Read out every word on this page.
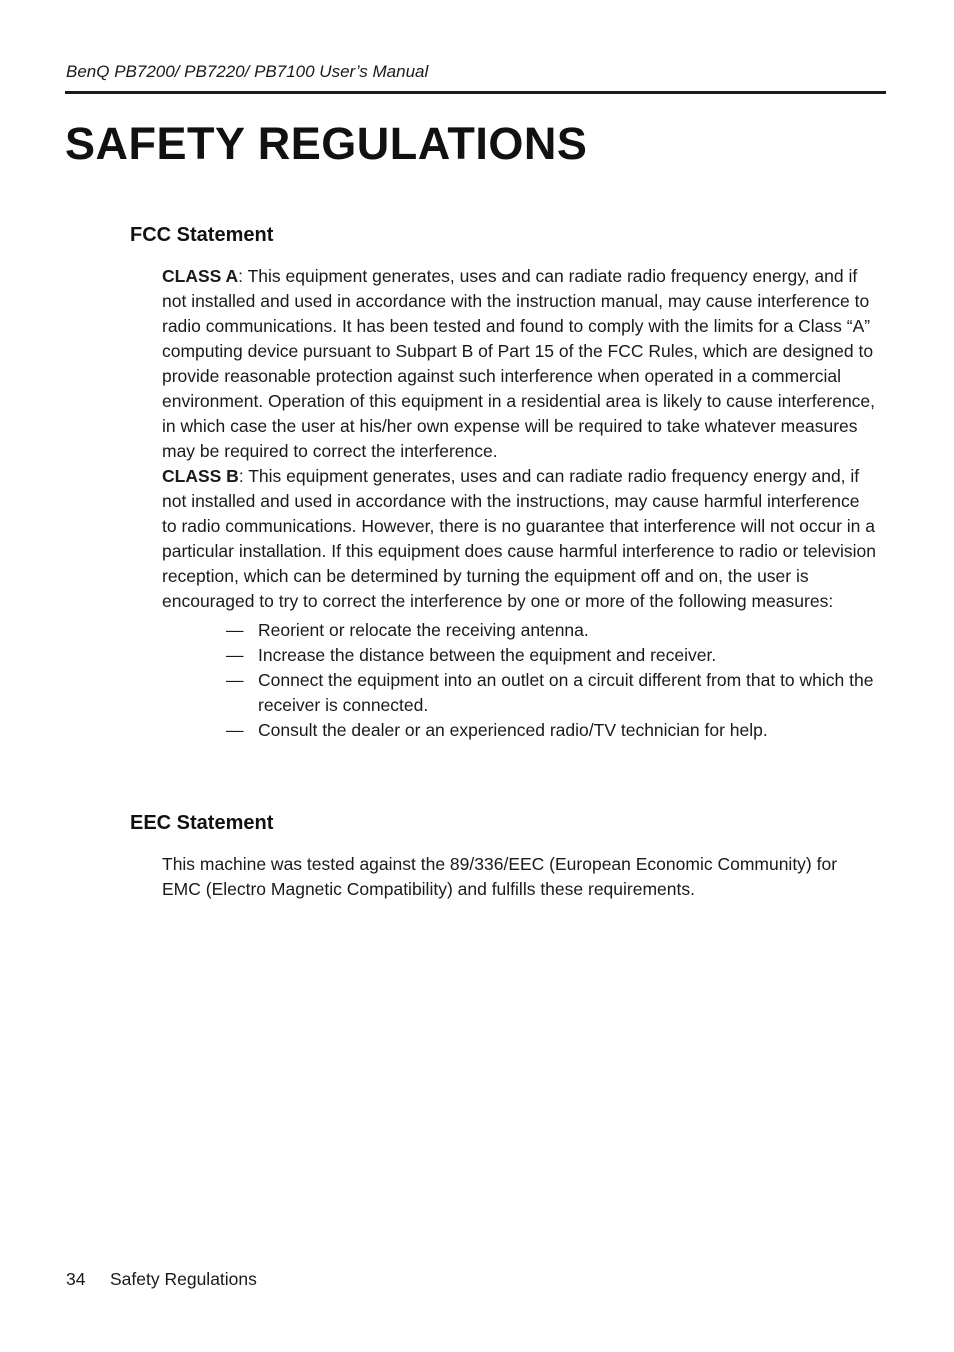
BenQ PB7200/ PB7220/ PB7100 User’s Manual
SAFETY REGULATIONS
FCC Statement

CLASS A: This equipment generates, uses and can radiate radio frequency energy, and if not installed and used in accordance with the instruction manual, may cause interference to radio communications. It has been tested and found to comply with the limits for a Class “A” computing device pursuant to Subpart B of Part 15 of the FCC Rules, which are designed to provide reasonable protection against such interference when operated in a commercial environment. Operation of this equipment in a residential area is likely to cause interference, in which case the user at his/her own expense will be required to take whatever measures may be required to correct the interference.

CLASS B: This equipment generates, uses and can radiate radio frequency energy and, if not installed and used in accordance with the instructions, may cause harmful interference to radio communications. However, there is no guarantee that interference will not occur in a particular installation. If this equipment does cause harmful interference to radio or television reception, which can be determined by turning the equipment off and on, the user is encouraged to try to correct the interference by one or more of the following measures:

— Reorient or relocate the receiving antenna.
— Increase the distance between the equipment and receiver.
— Connect the equipment into an outlet on a circuit different from that to which the receiver is connected.
— Consult the dealer or an experienced radio/TV technician for help.
EEC Statement

This machine was tested against the 89/336/EEC (European Economic Community) for EMC (Electro Magnetic Compatibility) and fulfills these requirements.

34 Safety Regulations
